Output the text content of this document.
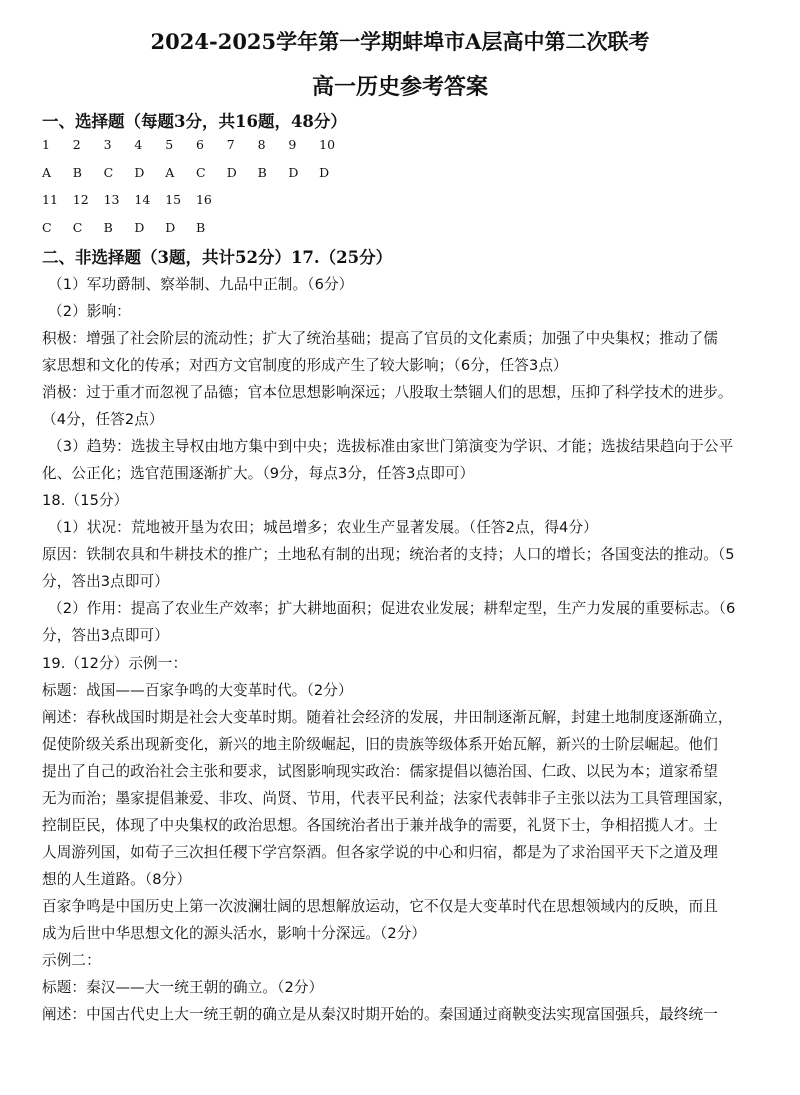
2024-2025学年第一学期蚌埠市A层高中第二次联考
高一历史参考答案
一、选择题（每题3分，共16题，48分）
1	2	3	4	5	6	7	8	9	10
A	B	C	D	A	C	D	B	D	D
11	12	13	14	15	16
C	C	B	D	D	B
二、非选择题（3题，共计52分）17.（25分）
（1）军功爵制、察举制、九品中正制。（6分）
（2）影响：
积极：增强了社会阶层的流动性；扩大了统治基础；提高了官员的文化素质；加强了中央集权；推动了儒
家思想和文化的传承；对西方文官制度的形成产生了较大影响；（6分，任答3点）
消极：过于重才而忽视了品德；官本位思想影响深远；八股取士禁锢人们的思想，压抑了科学技术的进步。
（4分，任答2点）
（3）趋势：选拔主导权由地方集中到中央；选拔标准由家世门第演变为学识、才能；选拔结果趋向于公平
化、公正化；选官范围逐渐扩大。（9分，每点3分，任答3点即可）
18.（15分）
（1）状况：荒地被开垦为农田；城邑增多；农业生产显著发展。（任答2点，得4分）
原因：铁制农具和牛耕技术的推广；土地私有制的出现；统治者的支持；人口的增长；各国变法的推动。（5
分，答出3点即可）
（2）作用：提高了农业生产效率；扩大耕地面积；促进农业发展；耕犁定型，生产力发展的重要标志。（6
分，答出3点即可）
19.（12分）示例一：
标题：战国——百家争鸣的大变革时代。（2分）
阐述：春秋战国时期是社会大变革时期。随着社会经济的发展，井田制逐渐瓦解，封建土地制度逐渐确立，
促使阶级关系出现新变化，新兴的地主阶级崛起，旧的贵族等级体系开始瓦解，新兴的士阶层崛起。他们
提出了自己的政治社会主张和要求，试图影响现实政治：儒家提倡以德治国、仁政、以民为本；道家希望
无为而治；墨家提倡兼爱、非攻、尚贤、节用，代表平民利益；法家代表韩非子主张以法为工具管理国家，
控制臣民，体现了中央集权的政治思想。各国统治者出于兼并战争的需要，礼贤下士，争相招揽人才。士
人周游列国，如荀子三次担任稷下学宫祭酒。但各家学说的中心和归宿，都是为了求治国平天下之道及理
想的人生道路。（8分）
百家争鸣是中国历史上第一次波澜壮阔的思想解放运动，它不仅是大变革时代在思想领域内的反映，而且
成为后世中华思想文化的源头活水，影响十分深远。（2分）
示例二：
标题：秦汉——大一统王朝的确立。（2分）
阐述：中国古代史上大一统王朝的确立是从秦汉时期开始的。秦国通过商鞅变法实现富国强兵，最终统一
